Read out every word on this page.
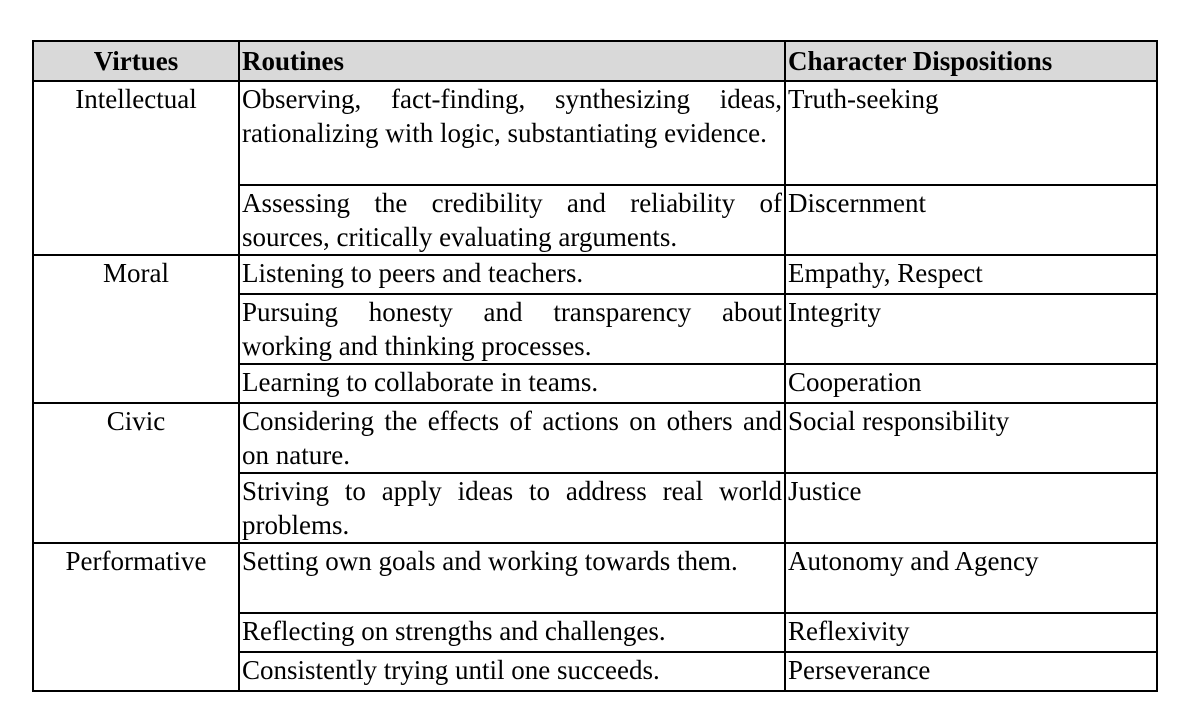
Virtues	Routines	Character Dispositions
Intellectual	Observing, fact-finding, synthesizing ideas, rationalizing with logic, substantiating evidence.	Truth-seeking
	Assessing the credibility and reliability of sources, critically evaluating arguments.	Discernment
Moral	Listening to peers and teachers.	Empathy, Respect
	Pursuing honesty and transparency about working and thinking processes.	Integrity
	Learning to collaborate in teams.	Cooperation
Civic	Considering the effects of actions on others and on nature.	Social responsibility
	Striving to apply ideas to address real world problems.	Justice
Performative	Setting own goals and working towards them.	Autonomy and Agency
	Reflecting on strengths and challenges.	Reflexivity
	Consistently trying until one succeeds.	Perseverance
